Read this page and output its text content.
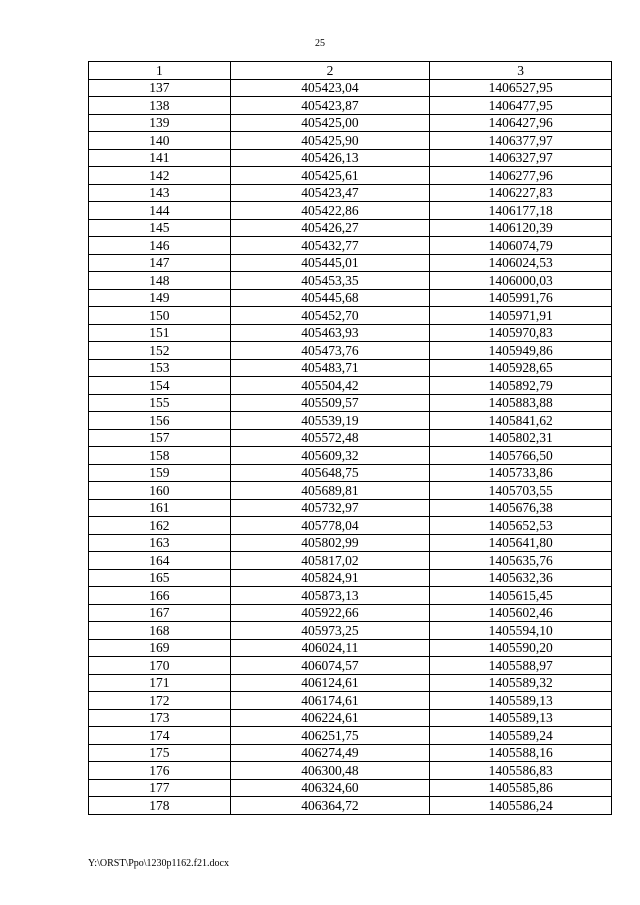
25
1	2	3
137	405423,04	1406527,95
138	405423,87	1406477,95
139	405425,00	1406427,96
140	405425,90	1406377,97
141	405426,13	1406327,97
142	405425,61	1406277,96
143	405423,47	1406227,83
144	405422,86	1406177,18
145	405426,27	1406120,39
146	405432,77	1406074,79
147	405445,01	1406024,53
148	405453,35	1406000,03
149	405445,68	1405991,76
150	405452,70	1405971,91
151	405463,93	1405970,83
152	405473,76	1405949,86
153	405483,71	1405928,65
154	405504,42	1405892,79
155	405509,57	1405883,88
156	405539,19	1405841,62
157	405572,48	1405802,31
158	405609,32	1405766,50
159	405648,75	1405733,86
160	405689,81	1405703,55
161	405732,97	1405676,38
162	405778,04	1405652,53
163	405802,99	1405641,80
164	405817,02	1405635,76
165	405824,91	1405632,36
166	405873,13	1405615,45
167	405922,66	1405602,46
168	405973,25	1405594,10
169	406024,11	1405590,20
170	406074,57	1405588,97
171	406124,61	1405589,32
172	406174,61	1405589,13
173	406224,61	1405589,13
174	406251,75	1405589,24
175	406274,49	1405588,16
176	406300,48	1405586,83
177	406324,60	1405585,86
178	406364,72	1405586,24
Y:\ORST\Ppo\1230p1162.f21.docx
